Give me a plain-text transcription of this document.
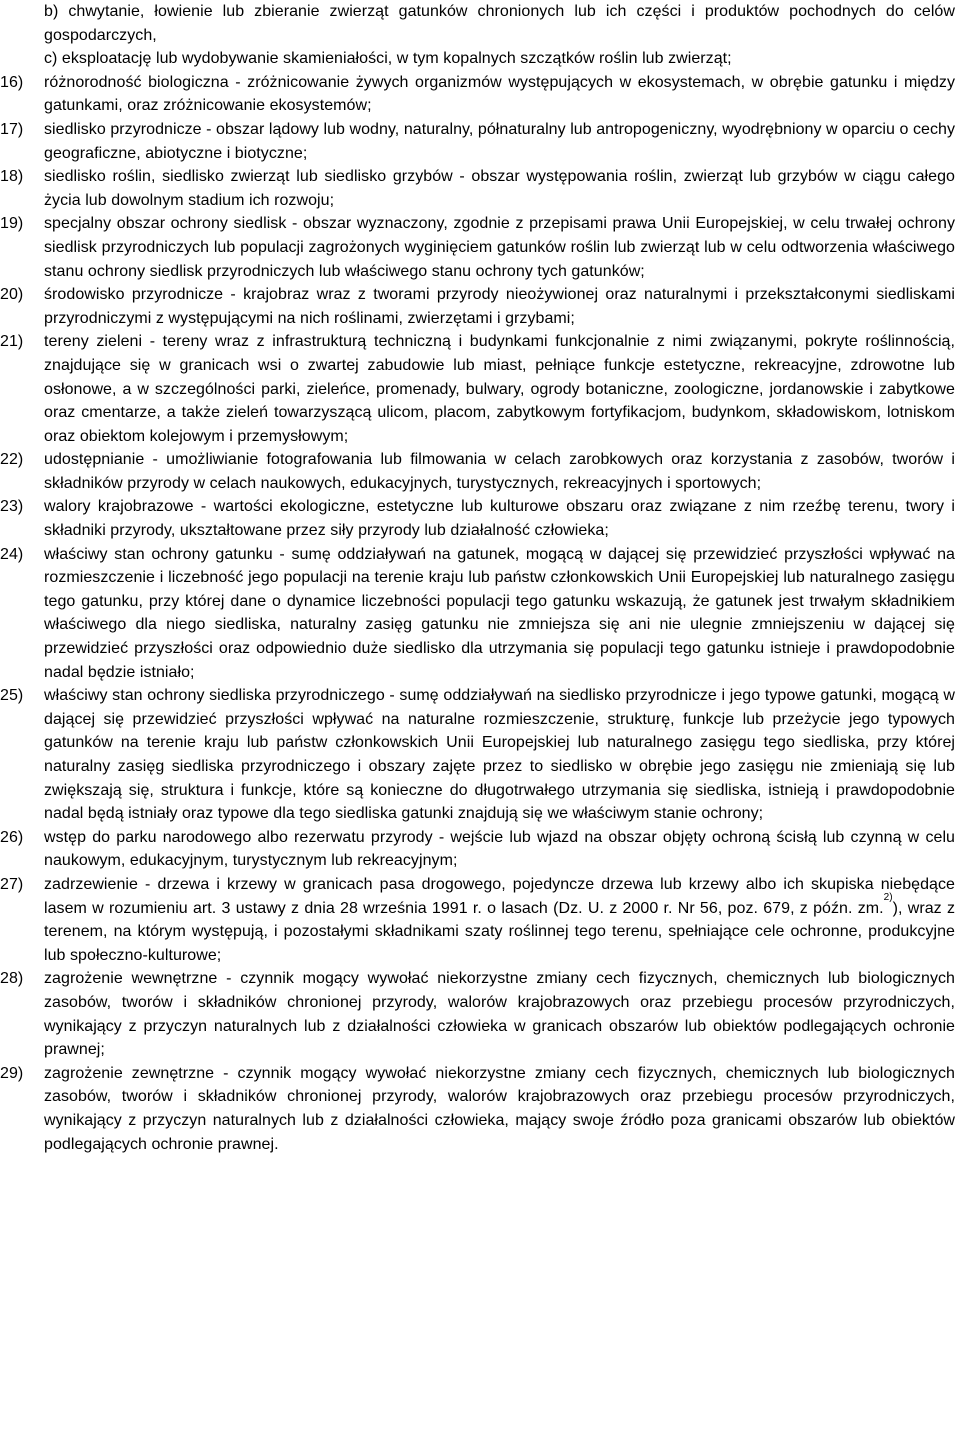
b) chwytanie, łowienie lub zbieranie zwierząt gatunków chronionych lub ich części i produktów pochodnych do celów gospodarczych,
c) eksploatację lub wydobywanie skamieniałości, w tym kopalnych szczątków roślin lub zwierząt;
16)	różnorodność biologiczna - zróżnicowanie żywych organizmów występujących w ekosystemach, w obrębie gatunku i między gatunkami, oraz zróżnicowanie ekosystemów;
17)	siedlisko przyrodnicze - obszar lądowy lub wodny, naturalny, półnaturalny lub antropogeniczny, wyodrębniony w oparciu o cechy geograficzne, abiotyczne i biotyczne;
18)	siedlisko roślin, siedlisko zwierząt lub siedlisko grzybów - obszar występowania roślin, zwierząt lub grzybów w ciągu całego życia lub dowolnym stadium ich rozwoju;
19)	specjalny obszar ochrony siedlisk - obszar wyznaczony, zgodnie z przepisami prawa Unii Europejskiej, w celu trwałej ochrony siedlisk przyrodniczych lub populacji zagrożonych wyginięciem gatunków roślin lub zwierząt lub w celu odtworzenia właściwego stanu ochrony siedlisk przyrodniczych lub właściwego stanu ochrony tych gatunków;
20)	środowisko przyrodnicze - krajobraz wraz z tworami przyrody nieożywionej oraz naturalnymi i przekształconymi siedliskami przyrodniczymi z występującymi na nich roślinami, zwierzętami i grzybami;
21)	tereny zieleni - tereny wraz z infrastrukturą techniczną i budynkami funkcjonalnie z nimi związanymi, pokryte roślinnością, znajdujące się w granicach wsi o zwartej zabudowie lub miast, pełniące funkcje estetyczne, rekreacyjne, zdrowotne lub osłonowe, a w szczególności parki, zieleńce, promenady, bulwary, ogrody botaniczne, zoologiczne, jordanowskie i zabytkowe oraz cmentarze, a także zieleń towarzyszącą ulicom, placom, zabytkowym fortyfikacjom, budynkom, składowiskom, lotniskom oraz obiektom kolejowym i przemysłowym;
22)	udostępnianie - umożliwianie fotografowania lub filmowania w celach zarobkowych oraz korzystania z zasobów, tworów i składników przyrody w celach naukowych, edukacyjnych, turystycznych, rekreacyjnych i sportowych;
23)	walory krajobrazowe - wartości ekologiczne, estetyczne lub kulturowe obszaru oraz związane z nim rzeźbę terenu, twory i składniki przyrody, ukształtowane przez siły przyrody lub działalność człowieka;
24)	właściwy stan ochrony gatunku - sumę oddziaływań na gatunek, mogącą w dającej się przewidzieć przyszłości wpływać na rozmieszczenie i liczebność jego populacji na terenie kraju lub państw członkowskich Unii Europejskiej lub naturalnego zasięgu tego gatunku, przy której dane o dynamice liczebności populacji tego gatunku wskazują, że gatunek jest trwałym składnikiem właściwego dla niego siedliska, naturalny zasięg gatunku nie zmniejsza się ani nie ulegnie zmniejszeniu w dającej się przewidzieć przyszłości oraz odpowiednio duże siedlisko dla utrzymania się populacji tego gatunku istnieje i prawdopodobnie nadal będzie istniało;
25)	właściwy stan ochrony siedliska przyrodniczego - sumę oddziaływań na siedlisko przyrodnicze i jego typowe gatunki, mogącą w dającej się przewidzieć przyszłości wpływać na naturalne rozmieszczenie, strukturę, funkcje lub przeżycie jego typowych gatunków na terenie kraju lub państw członkowskich Unii Europejskiej lub naturalnego zasięgu tego siedliska, przy której naturalny zasięg siedliska przyrodniczego i obszary zajęte przez to siedlisko w obrębie jego zasięgu nie zmieniają się lub zwiększają się, struktura i funkcje, które są konieczne do długotrwałego utrzymania się siedliska, istnieją i prawdopodobnie nadal będą istniały oraz typowe dla tego siedliska gatunki znajdują się we właściwym stanie ochrony;
26)	wstęp do parku narodowego albo rezerwatu przyrody - wejście lub wjazd na obszar objęty ochroną ścisłą lub czynną w celu naukowym, edukacyjnym, turystycznym lub rekreacyjnym;
27)	zadrzewienie - drzewa i krzewy w granicach pasa drogowego, pojedyncze drzewa lub krzewy albo ich skupiska niebędące lasem w rozumieniu art. 3 ustawy z dnia 28 września 1991 r. o lasach (Dz. U. z 2000 r. Nr 56, poz. 679, z późn. zm.$^{2)}$), wraz z terenem, na którym występują, i pozostałymi składnikami szaty roślinnej tego terenu, spełniające cele ochronne, produkcyjne lub społeczno-kulturowe;
28)	zagrożenie wewnętrzne - czynnik mogący wywołać niekorzystne zmiany cech fizycznych, chemicznych lub biologicznych zasobów, tworów i składników chronionej przyrody, walorów krajobrazowych oraz przebiegu procesów przyrodniczych, wynikający z przyczyn naturalnych lub z działalności człowieka w granicach obszarów lub obiektów podlegających ochronie prawnej;
29)	zagrożenie zewnętrzne - czynnik mogący wywołać niekorzystne zmiany cech fizycznych, chemicznych lub biologicznych zasobów, tworów i składników chronionej przyrody, walorów krajobrazowych oraz przebiegu procesów przyrodniczych, wynikający z przyczyn naturalnych lub z działalności człowieka, mający swoje źródło poza granicami obszarów lub obiektów podlegających ochronie prawnej.
